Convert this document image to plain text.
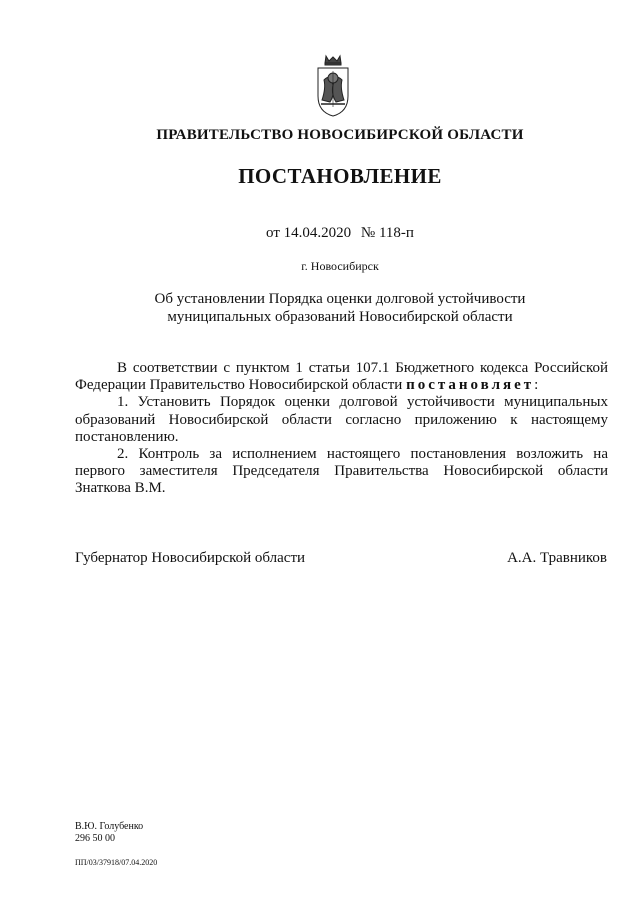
ПРАВИТЕЛЬСТВО НОВОСИБИРСКОЙ ОБЛАСТИ
ПОСТАНОВЛЕНИЕ
от 14.04.2020 № 118-п
г. Новосибирск
Об установлении Порядка оценки долговой устойчивости
муниципальных образований Новосибирской области

В соответствии с пунктом 1 статьи 107.1 Бюджетного кодекса Российской Федерации Правительство Новосибирской области постановляет:

1. Установить Порядок оценки долговой устойчивости муниципальных образований Новосибирской области согласно приложению к настоящему постановлению.

2. Контроль за исполнением настоящего постановления возложить на первого заместителя Председателя Правительства Новосибирской области Знаткова В.М.

Губернатор Новосибирской области	А.А. Травников
В.Ю. Голубенко
296 50 00
ПП/03/37918/07.04.2020
